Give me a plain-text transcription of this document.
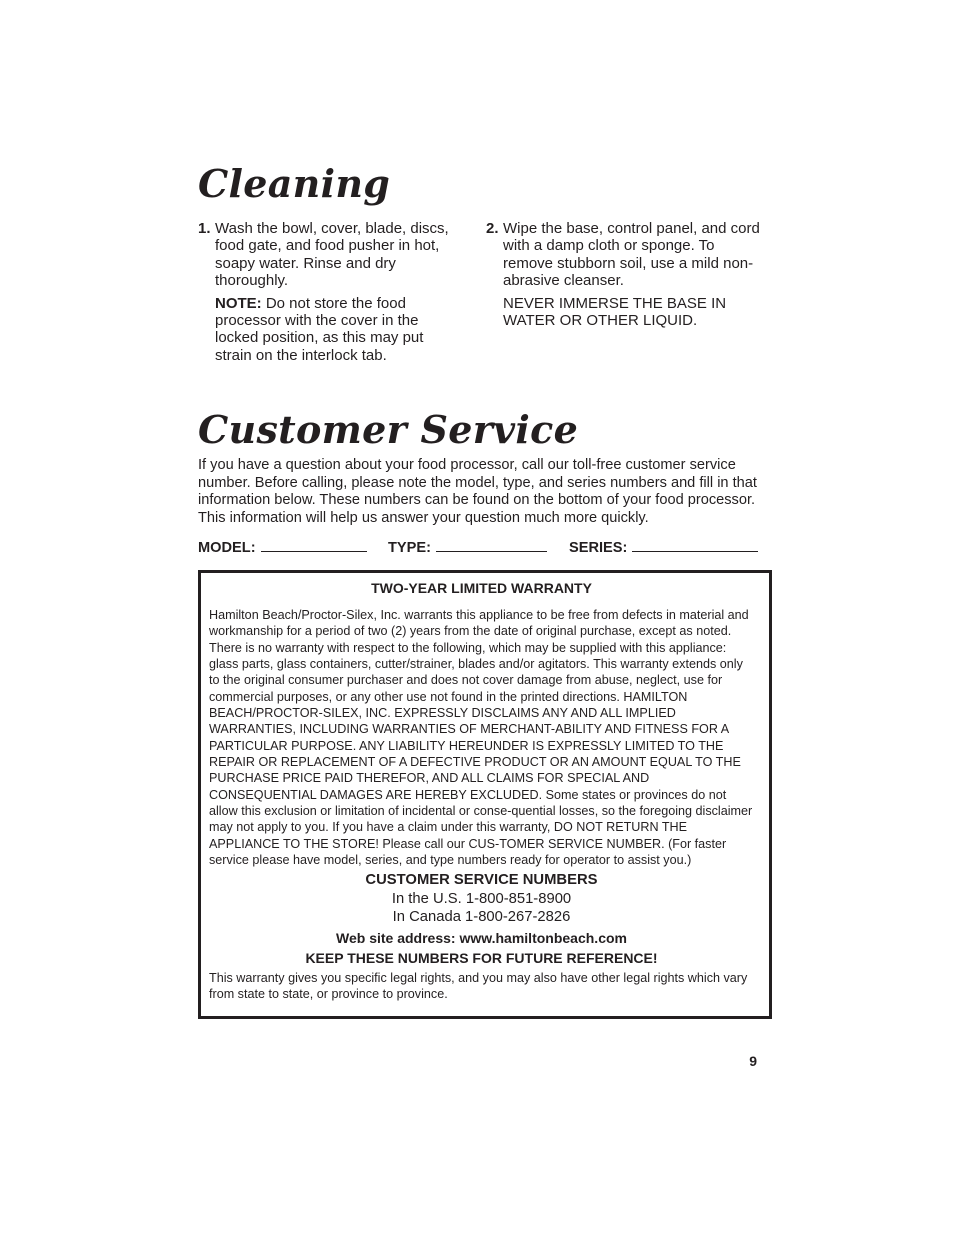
Cleaning
1. Wash the bowl, cover, blade, discs, food gate, and food pusher in hot, soapy water. Rinse and dry thoroughly.

NOTE: Do not store the food processor with the cover in the locked position, as this may put strain on the interlock tab.

2. Wipe the base, control panel, and cord with a damp cloth or sponge. To remove stubborn soil, use a mild non-abrasive cleanser.

NEVER IMMERSE THE BASE IN WATER OR OTHER LIQUID.

Customer Service

If you have a question about your food processor, call our toll-free customer service number. Before calling, please note the model, type, and series numbers and fill in that information below. These numbers can be found on the bottom of your food processor. This information will help us answer your question much more quickly.

MODEL:	TYPE:	SERIES:

TWO-YEAR LIMITED WARRANTY

Hamilton Beach/Proctor-Silex, Inc. warrants this appliance to be free from defects in material and workmanship for a period of two (2) years from the date of original purchase, except as noted. There is no warranty with respect to the following, which may be supplied with this appliance: glass parts, glass containers, cutter/strainer, blades and/or agitators. This warranty extends only to the original consumer purchaser and does not cover damage from abuse, neglect, use for commercial purposes, or any other use not found in the printed directions. HAMILTON BEACH/PROCTOR-SILEX, INC. EXPRESSLY DISCLAIMS ANY AND ALL IMPLIED WARRANTIES, INCLUDING WARRANTIES OF MERCHANT-ABILITY AND FITNESS FOR A PARTICULAR PURPOSE. ANY LIABILITY HEREUNDER IS EXPRESSLY LIMITED TO THE REPAIR OR REPLACEMENT OF A DEFECTIVE PRODUCT OR AN AMOUNT EQUAL TO THE PURCHASE PRICE PAID THEREFOR, AND ALL CLAIMS FOR SPECIAL AND CONSEQUENTIAL DAMAGES ARE HEREBY EXCLUDED. Some states or provinces do not allow this exclusion or limitation of incidental or conse-quential losses, so the foregoing disclaimer may not apply to you. If you have a claim under this warranty, DO NOT RETURN THE APPLIANCE TO THE STORE! Please call our CUS-TOMER SERVICE NUMBER. (For faster service please have model, series, and type numbers ready for operator to assist you.)

CUSTOMER SERVICE NUMBERS

In the U.S. 1-800-851-8900

In Canada 1-800-267-2826

Web site address: www.hamiltonbeach.com

KEEP THESE NUMBERS FOR FUTURE REFERENCE!

This warranty gives you specific legal rights, and you may also have other legal rights which vary from state to state, or province to province.

9
